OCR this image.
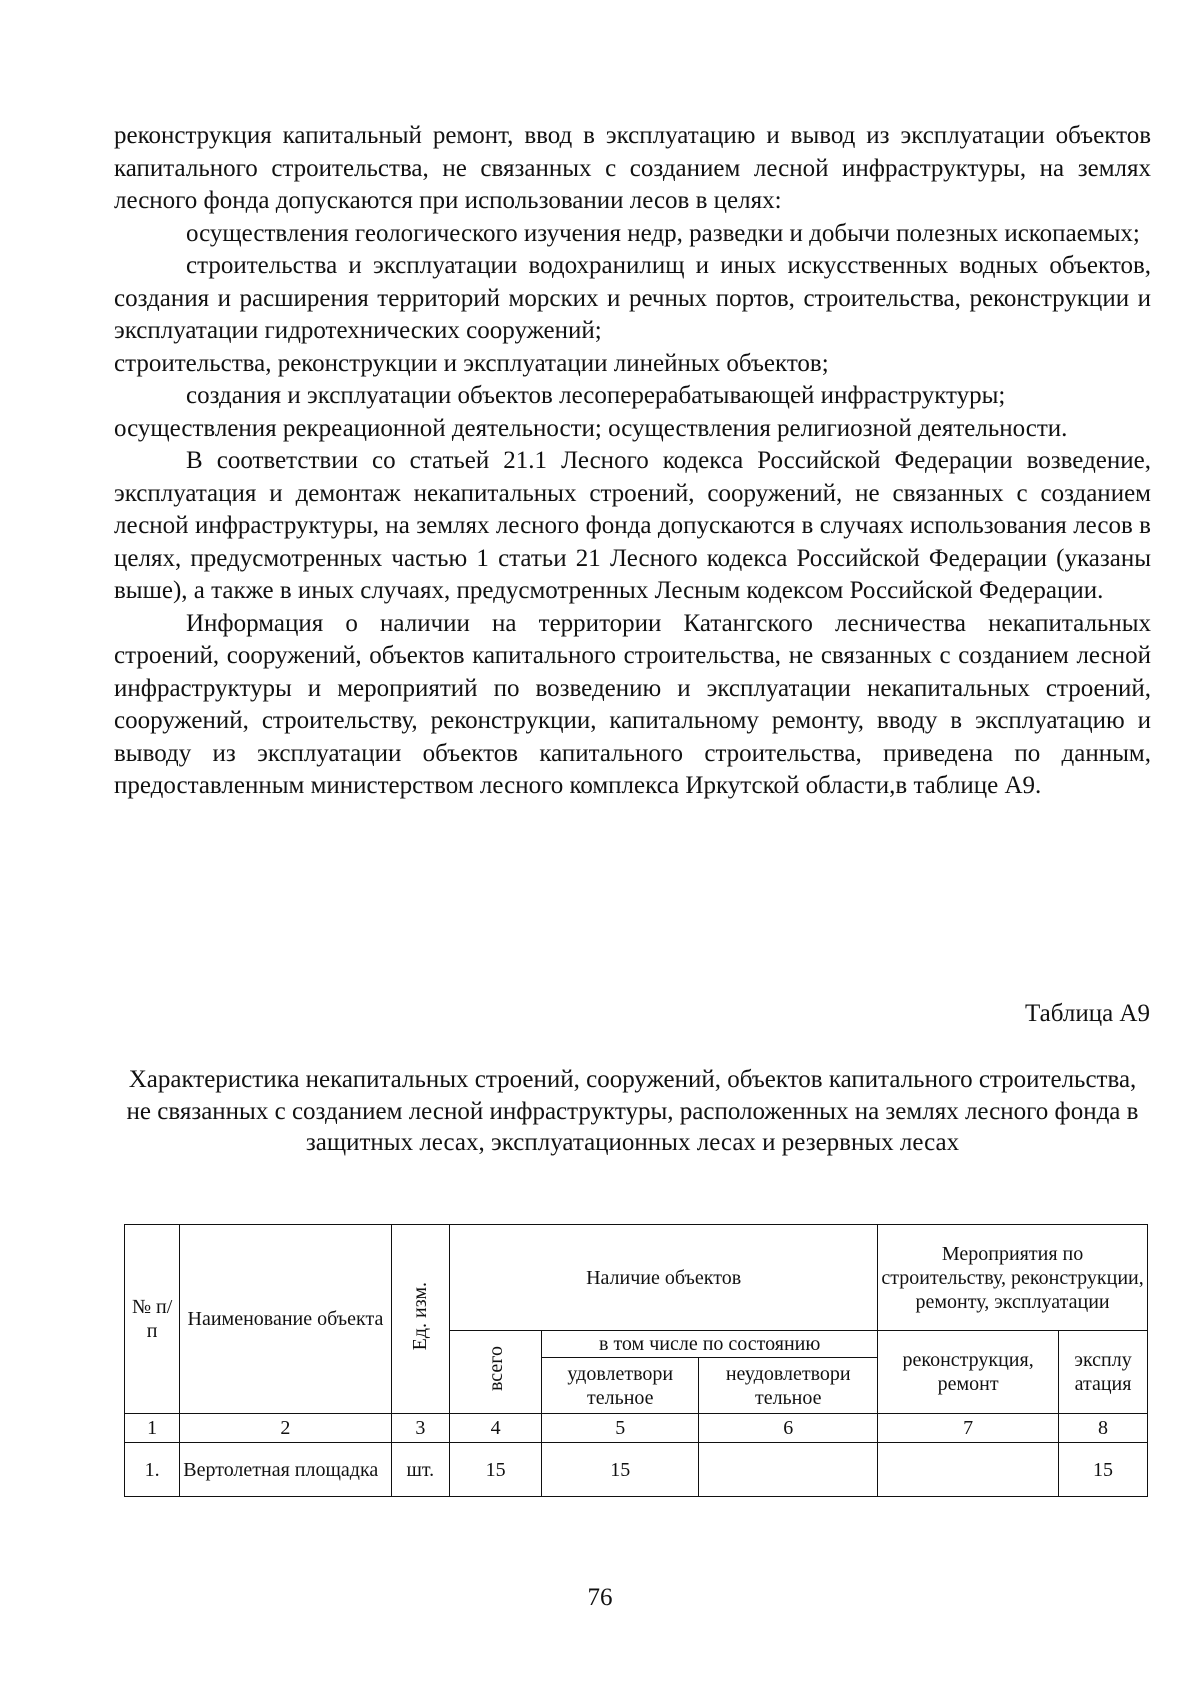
реконструкция капитальный ремонт, ввод в эксплуатацию и вывод из эксплуатации объектов капитального строительства, не связанных с созданием лесной инфраструктуры, на землях лесного фонда допускаются при использовании лесов в целях:

осуществления геологического изучения недр, разведки и добычи полезных ископаемых;

строительства и эксплуатации водохранилищ и иных искусственных водных объектов, создания и расширения территорий морских и речных портов, строительства, реконструкции и эксплуатации гидротехнических сооружений;

строительства, реконструкции и эксплуатации линейных объектов;

создания и эксплуатации объектов лесоперерабатывающей инфраструктуры;

осуществления рекреационной деятельности; осуществления религиозной деятельности.

В соответствии со статьей 21.1 Лесного кодекса Российской Федерации возведение, эксплуатация и демонтаж некапитальных строений, сооружений, не связанных с созданием лесной инфраструктуры, на землях лесного фонда допускаются в случаях использования лесов в целях, предусмотренных частью 1 статьи 21 Лесного кодекса Российской Федерации (указаны выше), а также в иных случаях, предусмотренных Лесным кодексом Российской Федерации.

Информация о наличии на территории Катангского лесничества некапитальных строений, сооружений, объектов капитального строительства, не связанных с созданием лесной инфраструктуры и мероприятий по возведению и эксплуатации некапитальных строений, сооружений, строительству, реконструкции, капитальному ремонту, вводу в эксплуатацию и выводу из эксплуатации объектов капитального строительства, приведена по данным, предоставленным министерством лесного комплекса Иркутской области,в таблице А9.

Таблица А9
Характеристика некапитальных строений, сооружений, объектов капитального строительства, не связанных с созданием лесной инфраструктуры, расположенных на землях лесного фонда в защитных лесах, эксплуатационных лесах и резервных лесах
№ п/п	Наименование объекта	Ед. изм.	Наличие объектов			Мероприятия по строительству, реконструкции, ремонту, эксплуатации	
			всего	в том числе по состоянию		реконструкция, ремонт	эксплу атация
				удовлетвори тельное	неудовлетвори тельное		
1	2	3	4	5	6	7	8
1.	Вертолетная площадка	шт.	15	15			15
76
